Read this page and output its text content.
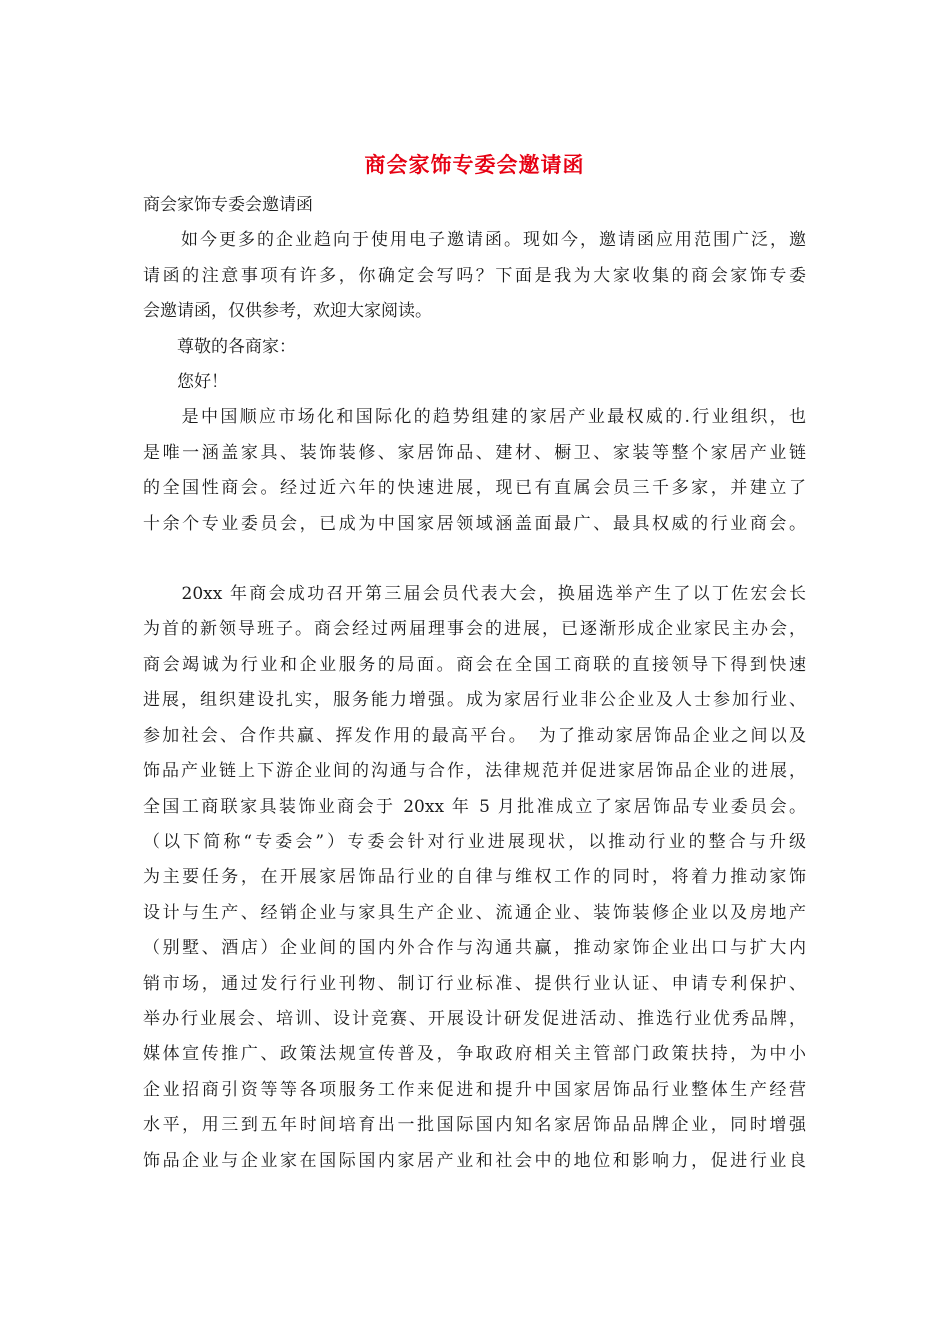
商会家饰专委会邀请函

商会家饰专委会邀请函

　　如今更多的企业趋向于使用电子邀请函。现如今，邀请函应用范围广泛，邀

请函的注意事项有许多，你确定会写吗？下面是我为大家收集的商会家饰专委

会邀请函，仅供参考，欢迎大家阅读。

　　尊敬的各商家：

　　您好！

　　是中国顺应市场化和国际化的趋势组建的家居产业最权威的.行业组织，也

是唯一涵盖家具、装饰装修、家居饰品、建材、橱卫、家装等整个家居产业链

的全国性商会。经过近六年的快速进展，现已有直属会员三千多家，并建立了

十余个专业委员会，已成为中国家居领域涵盖面最广、最具权威的行业商会。

　　20xx 年商会成功召开第三届会员代表大会，换届选举产生了以丁佐宏会长

为首的新领导班子。商会经过两届理事会的进展，已逐渐形成企业家民主办会，

商会竭诚为行业和企业服务的局面。商会在全国工商联的直接领导下得到快速

进展，组织建设扎实，服务能力增强。成为家居行业非公企业及人士参加行业、

参加社会、合作共赢、挥发作用的最高平台。　为了推动家居饰品企业之间以及

饰品产业链上下游企业间的沟通与合作，法律规范并促进家居饰品企业的进展，

全国工商联家具装饰业商会于 20xx 年 5 月批准成立了家居饰品专业委员会。

（以下简称“专委会”）专委会针对行业进展现状，以推动行业的整合与升级

为主要任务，在开展家居饰品行业的自律与维权工作的同时，将着力推动家饰

设计与生产、经销企业与家具生产企业、流通企业、装饰装修企业以及房地产

（别墅、酒店）企业间的国内外合作与沟通共赢，推动家饰企业出口与扩大内

销市场，通过发行行业刊物、制订行业标准、提供行业认证、申请专利保护、

举办行业展会、培训、设计竞赛、开展设计研发促进活动、推选行业优秀品牌，

媒体宣传推广、政策法规宣传普及，争取政府相关主管部门政策扶持，为中小

企业招商引资等等各项服务工作来促进和提升中国家居饰品行业整体生产经营

水平，用三到五年时间培育出一批国际国内知名家居饰品品牌企业，同时增强

饰品企业与企业家在国际国内家居产业和社会中的地位和影响力，促进行业良
